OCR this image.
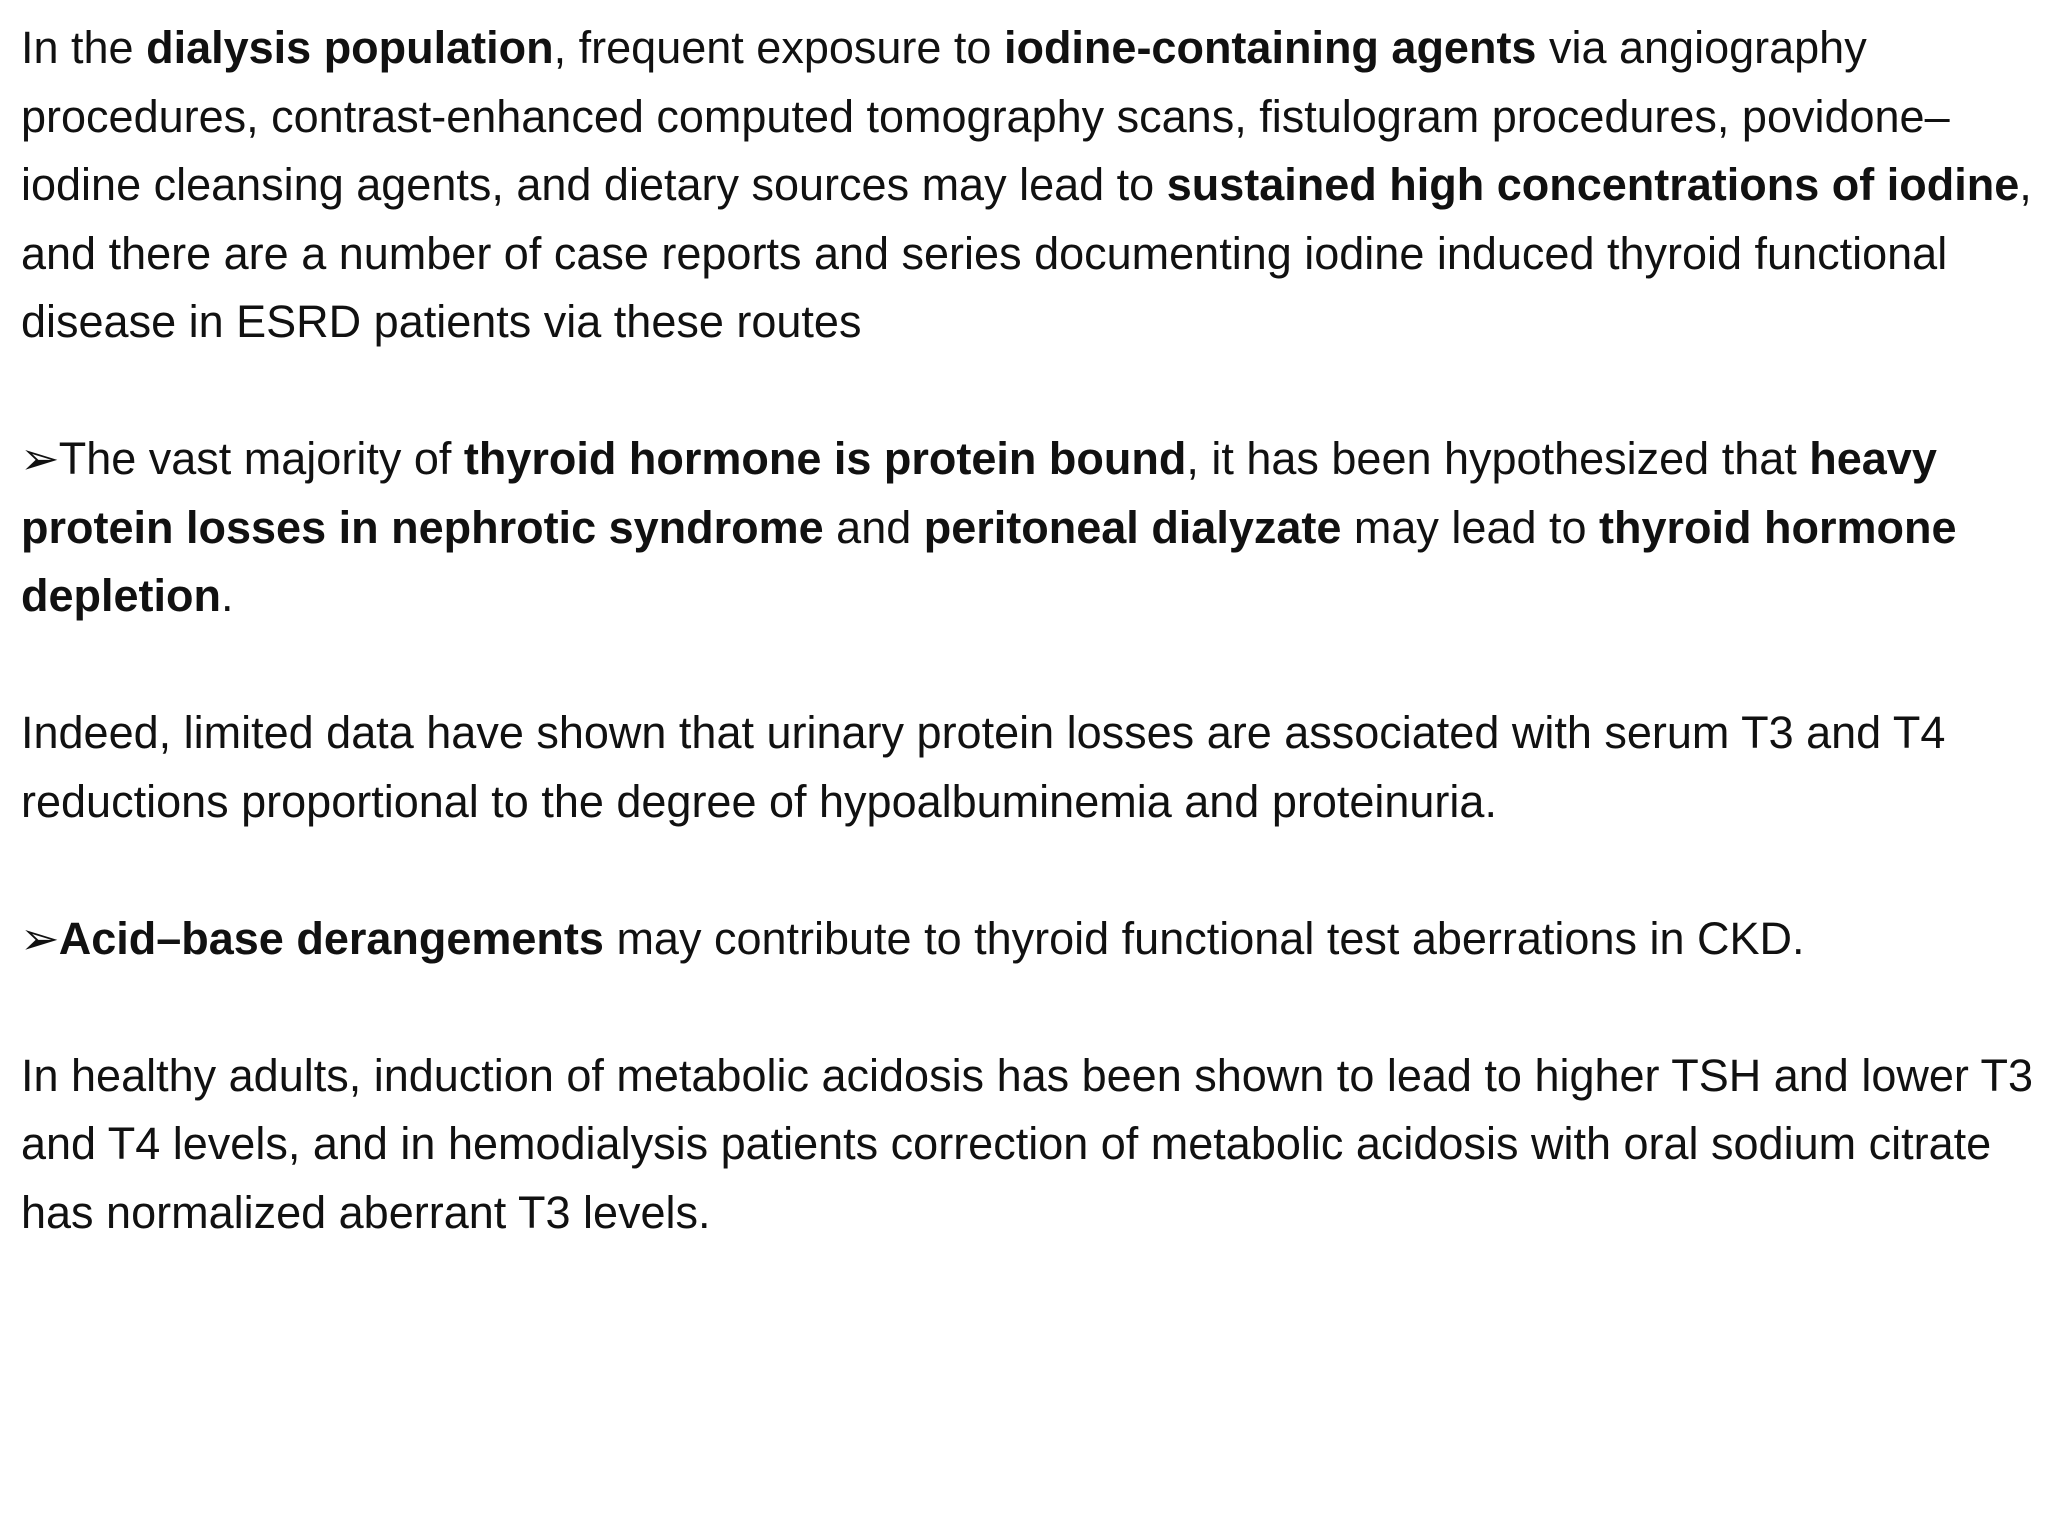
In the dialysis population, frequent exposure to iodine-containing agents via angiography procedures, contrast-enhanced computed tomography scans, fistulogram procedures, povidone–iodine cleansing agents, and dietary sources may lead to sustained high concentrations of iodine, and there are a number of case reports and series documenting iodine induced thyroid functional disease in ESRD patients via these routes

➢The vast majority of thyroid hormone is protein bound, it has been hypothesized that heavy protein losses in nephrotic syndrome and peritoneal dialyzate may lead to thyroid hormone depletion.

Indeed, limited data have shown that urinary protein losses are associated with serum T3 and T4 reductions proportional to the degree of hypoalbuminemia and proteinuria.

➢Acid–base derangements may contribute to thyroid functional test aberrations in CKD.

In healthy adults, induction of metabolic acidosis has been shown to lead to higher TSH and lower T3 and T4 levels, and in hemodialysis patients correction of metabolic acidosis with oral sodium citrate has normalized aberrant T3 levels.
